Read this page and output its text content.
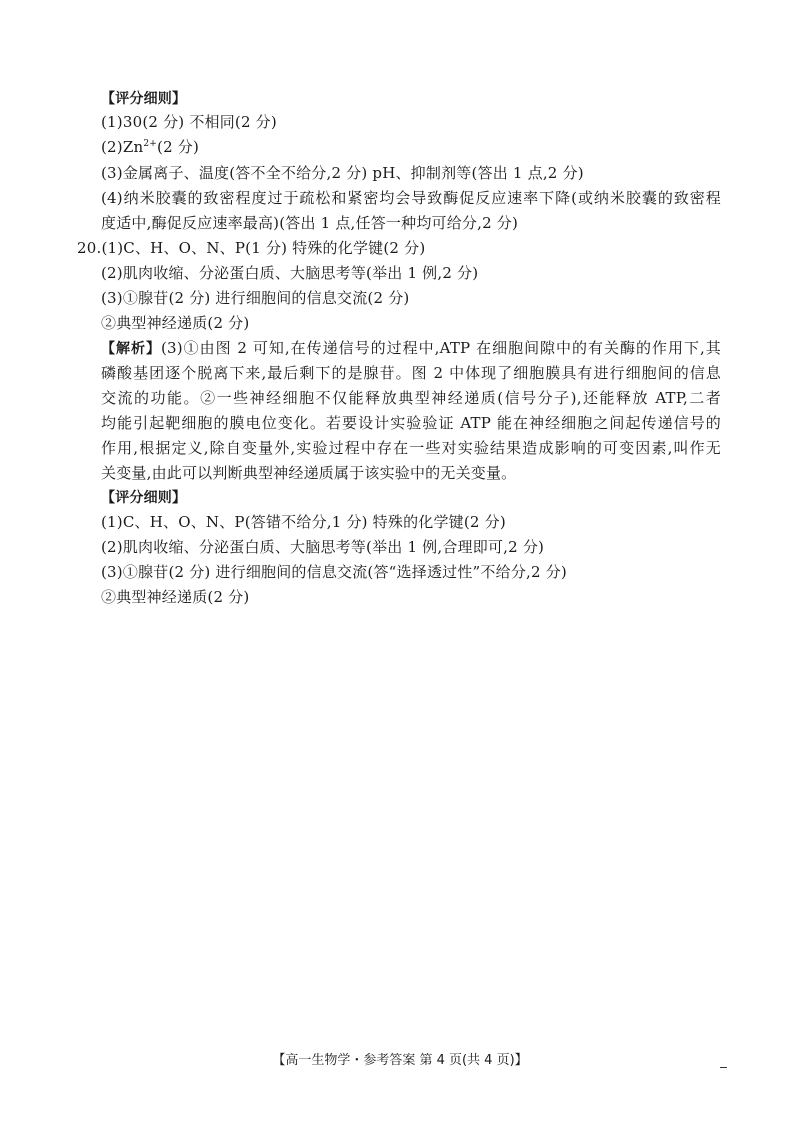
【评分细则】
(1)30(2 分) 不相同(2 分)
$(2)Zn^{2+}(2$ 分)
(3)金属离子、温度(答不全不给分,2 分) pH、抑制剂等(答出 1 点,2 分)
(4)纳米胶囊的致密程度过于疏松和紧密均会导致酶促反应速率下降(或纳米胶囊的致密程
度适中,酶促反应速率最高)(答出 1 点,任答一种均可给分,2 分)
20.(1)C、H、O、N、P(1 分) 特殊的化学键(2 分)
(2)肌肉收缩、分泌蛋白质、大脑思考等(举出 1 例,2 分)
(3)①腺苷(2 分) 进行细胞间的信息交流(2 分)
②典型神经递质(2 分)
【解析】(3)①由图 2 可知,在传递信号的过程中,ATP 在细胞间隙中的有关酶的作用下,其
磷酸基团逐个脱离下来,最后剩下的是腺苷。图 2 中体现了细胞膜具有进行细胞间的信息
交流的功能。②一些神经细胞不仅能释放典型神经递质(信号分子),还能释放 ATP,二者
均能引起靶细胞的膜电位变化。若要设计实验验证 ATP 能在神经细胞之间起传递信号的
作用,根据定义,除自变量外,实验过程中存在一些对实验结果造成影响的可变因素,叫作无
关变量,由此可以判断典型神经递质属于该实验中的无关变量。
【评分细则】
(1)C、H、O、N、P(答错不给分,1 分) 特殊的化学键(2 分)
(2)肌肉收缩、分泌蛋白质、大脑思考等(举出 1 例,合理即可,2 分)
(3)①腺苷(2 分) 进行细胞间的信息交流(答“选择透过性”不给分,2 分)
②典型神经递质(2 分)
【高一生物学・参考答案 第 4 页(共 4 页)】
